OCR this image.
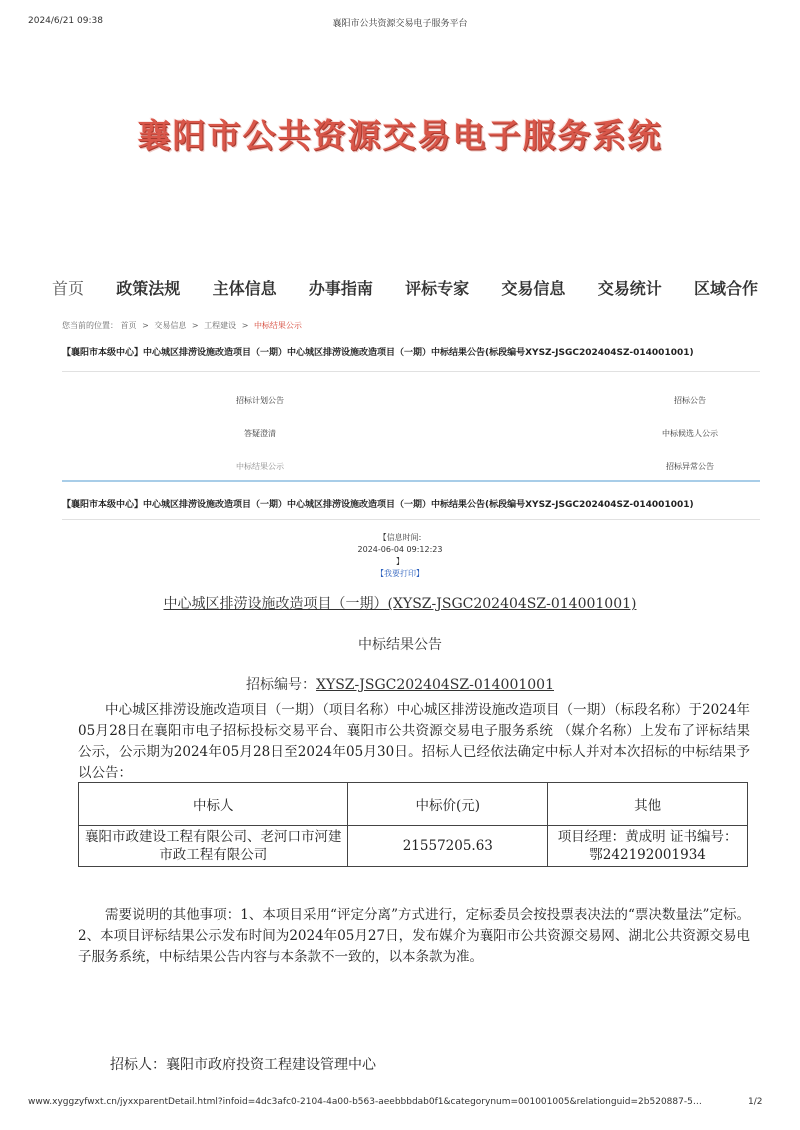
2024/6/21 09:38	襄阳市公共资源交易电子服务平台
襄阳市公共资源交易电子服务系统
首页	政策法规	主体信息	办事指南	评标专家	交易信息	交易统计	区域合作
您当前的位置： 首页 > 交易信息 > 工程建设 > 中标结果公示
【襄阳市本级中心】中心城区排涝设施改造项目（一期）中心城区排涝设施改造项目（一期）中标结果公告(标段编号XYSZ-JSGC202404SZ-014001001)
招标计划公告
答疑澄清
中标结果公示
招标公告
中标候选人公示
招标异常公告
【襄阳市本级中心】中心城区排涝设施改造项目（一期）中心城区排涝设施改造项目（一期）中标结果公告(标段编号XYSZ-JSGC202404SZ-014001001)
【信息时间:
2024-06-04 09:12:23
】
【我要打印】
中心城区排涝设施改造项目（一期）(XYSZ-JSGC202404SZ-014001001)
中标结果公告
招标编号：XYSZ-JSGC202404SZ-014001001
中心城区排涝设施改造项目（一期）（项目名称）中心城区排涝设施改造项目（一期）（标段名称）于2024年05月28日在襄阳市电子招标投标交易平台、襄阳市公共资源交易电子服务系统 （媒介名称）上发布了评标结果公示，公示期为2024年05月28日至2024年05月30日。招标人已经依法确定中标人并对本次招标的中标结果予以公告：
中标人	中标价(元)	其他
襄阳市政建设工程有限公司、老河口市河建市政工程有限公司	21557205.63	项目经理：黄成明 证书编号：鄂242192001934
需要说明的其他事项：1、本项目采用“评定分离”方式进行，定标委员会按投票表决法的“票决数量法”定标。2、本项目评标结果公示发布时间为2024年05月27日，发布媒介为襄阳市公共资源交易网、湖北公共资源交易电子服务系统，中标结果公告内容与本条款不一致的，以本条款为准。
招标人：襄阳市政府投资工程建设管理中心
www.xyggzyfwxt.cn/jyxxparentDetail.html?infoid=4dc3afc0-2104-4a00-b563-aeebbbdab0f1&categorynum=001001005&relationguid=2b520887-5…	1/2
